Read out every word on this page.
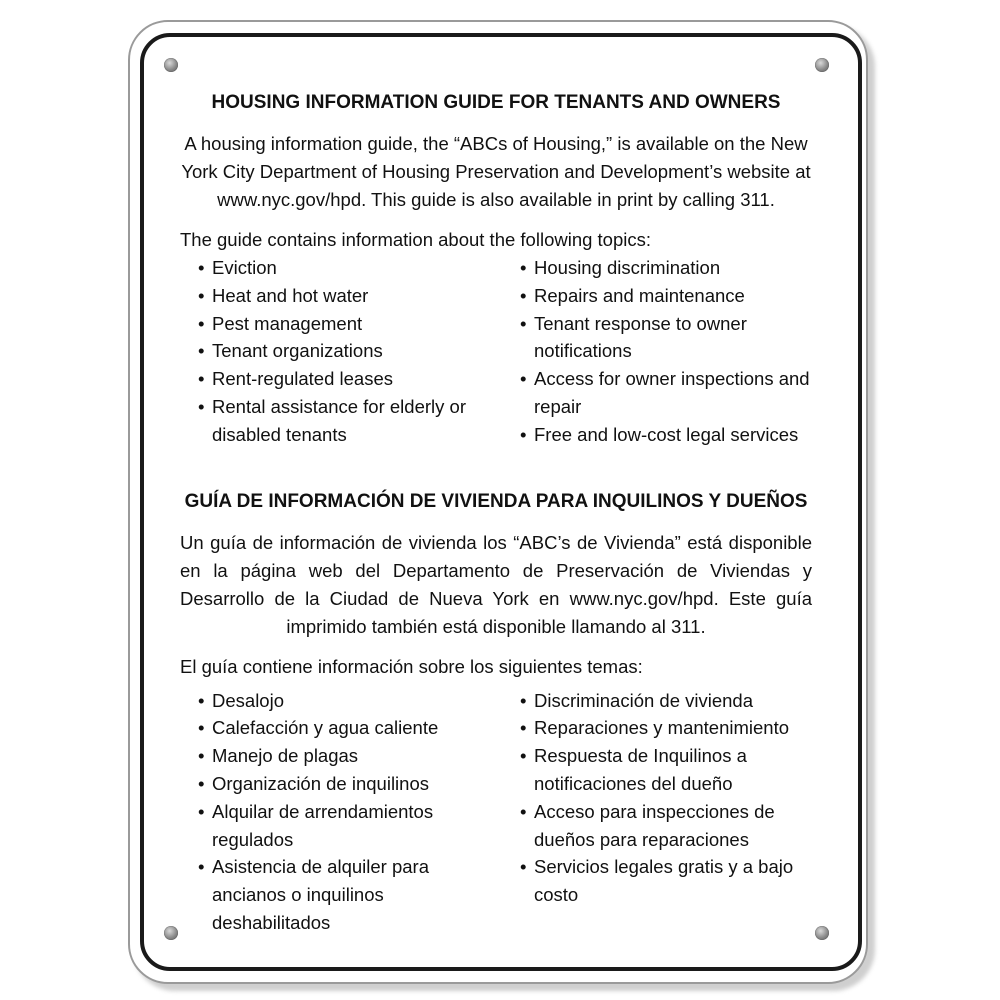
HOUSING INFORMATION GUIDE FOR TENANTS AND OWNERS

A housing information guide, the “ABCs of Housing,” is available on the New York City Department of Housing Preservation and Development’s website at www.nyc.gov/hpd. This guide is also available in print by calling 311.

The guide contains information about the following topics:

• Eviction
• Heat and hot water
• Pest management
• Tenant organizations
• Rent-regulated leases
• Rental assistance for elderly or disabled tenants
• Housing discrimination
• Repairs and maintenance
• Tenant response to owner notifications
• Access for owner inspections and repair
• Free and low-cost legal services
GUÍA DE INFORMACIÓN DE VIVIENDA PARA INQUILINOS Y DUEÑOS

Un guía de información de vivienda los “ABC’s de Vivienda” está disponible en la página web del Departamento de Preservación de Viviendas y Desarrollo de la Ciudad de Nueva York en www.nyc.gov/hpd. Este guía imprimido también está disponible llamando al 311.

El guía contiene información sobre los siguientes temas:

• Desalojo
• Calefacción y agua caliente
• Manejo de plagas
• Organización de inquilinos
• Alquilar de arrendamientos regulados
• Asistencia de alquiler para ancianos o inquilinos deshabilitados
• Discriminación de vivienda
• Reparaciones y mantenimiento
• Respuesta de Inquilinos a notificaciones del dueño
• Acceso para inspecciones de dueños para reparaciones
• Servicios legales gratis y a bajo costo
